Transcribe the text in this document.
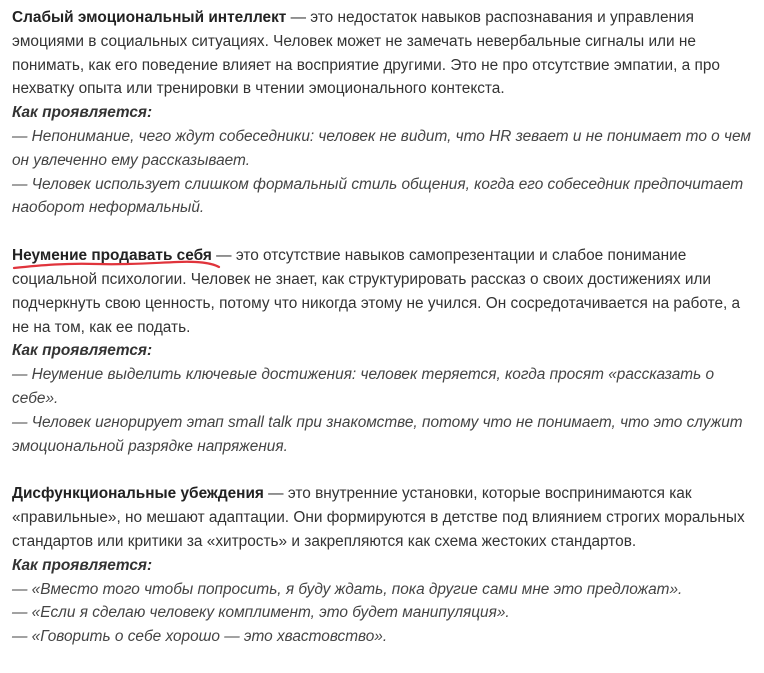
Слабый эмоциональный интеллект — это недостаток навыков распознавания и управления эмоциями в социальных ситуациях. Человек может не замечать невербальные сигналы или не понимать, как его поведение влияет на восприятие другими. Это не про отсутствие эмпатии, а про нехватку опыта или тренировки в чтении эмоционального контекста.

Как проявляется:

— Непонимание, чего ждут собеседники: человек не видит, что HR зевает и не понимает то о чем он увлеченно ему рассказывает.

— Человек использует слишком формальный стиль общения, когда его собеседник предпочитает наоборот неформальный.

Неумение продавать себя
— это отсутствие навыков самопрезентации и слабое понимание социальной психологии. Человек не знает, как структурировать рассказ о своих достижениях или подчеркнуть свою ценность, потому что никогда этому не учился. Он сосредотачивается на работе, а не на том, как ее подать.

Как проявляется:

— Неумение выделить ключевые достижения: человек теряется, когда просят «рассказать о себе».

— Человек игнорирует этап small talk при знакомстве, потому что не понимает, что это служит эмоциональной разрядке напряжения.

Дисфункциональные убеждения — это внутренние установки, которые воспринимаются как «правильные», но мешают адаптации. Они формируются в детстве под влиянием строгих моральных стандартов или критики за «хитрость» и закрепляются как схема жестоких стандартов.

Как проявляется:

— «Вместо того чтобы попросить, я буду ждать, пока другие сами мне это предложат».

— «Если я сделаю человеку комплимент, это будет манипуляция».

— «Говорить о себе хорошо — это хвастовство».
